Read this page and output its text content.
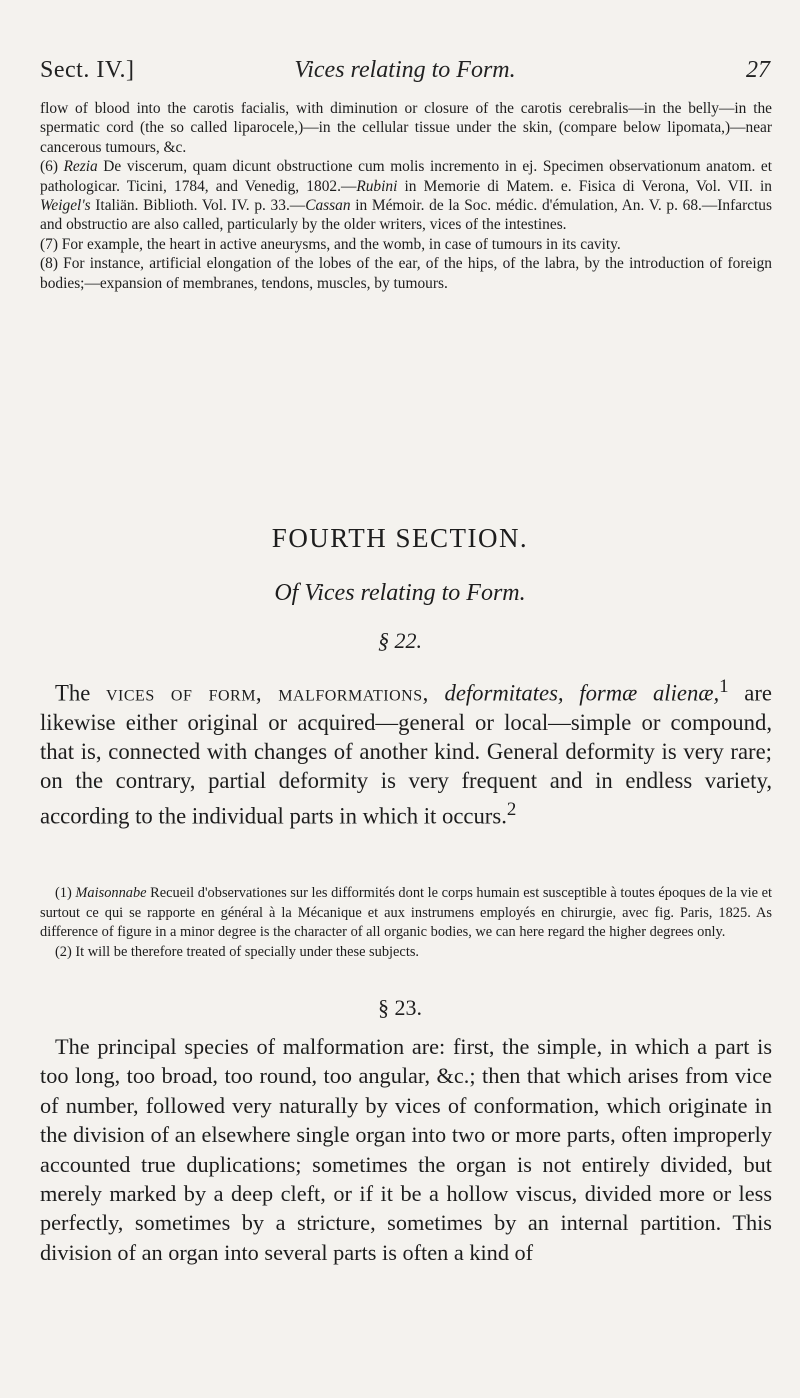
Sect. IV.]	Vices relating to Form.	27

flow of blood into the carotis facialis, with diminution or closure of the carotis cerebralis—in the belly—in the spermatic cord (the so called liparocele,)—in the cellular tissue under the skin, (compare below lipomata,)—near cancerous tumours, &c.

(6) Rezia De viscerum, quam dicunt obstructione cum molis incremento in ej. Specimen observationum anatom. et pathologicar. Ticini, 1784, and Venedig, 1802.—Rubini in Memorie di Matem. e. Fisica di Verona, Vol. VII. in Weigel's Italiän. Biblioth. Vol. IV. p. 33.—Cassan in Mémoir. de la Soc. médic. d'émulation, An. V. p. 68.—Infarctus and obstructio are also called, particularly by the older writers, vices of the intestines.

(7) For example, the heart in active aneurysms, and the womb, in case of tumours in its cavity.

(8) For instance, artificial elongation of the lobes of the ear, of the hips, of the labra, by the introduction of foreign bodies;—expansion of membranes, tendons, muscles, by tumours.

FOURTH SECTION.
Of Vices relating to Form.
§ 22.

The vices of form, malformations, deformitates, formæ alienæ,$^1$ are likewise either original or acquired—general or local—simple or compound, that is, connected with changes of another kind. General deformity is very rare; on the contrary, partial deformity is very frequent and in endless variety, according to the individual parts in which it occurs.$^2$

(1) Maisonnabe Recueil d'observationes sur les difformités dont le corps humain est susceptible à toutes époques de la vie et surtout ce qui se rapporte en général à la Mécanique et aux instrumens employés en chirurgie, avec fig. Paris, 1825. As difference of figure in a minor degree is the character of all organic bodies, we can here regard the higher degrees only.

(2) It will be therefore treated of specially under these subjects.

§ 23.

The principal species of malformation are: first, the simple, in which a part is too long, too broad, too round, too angular, &c.; then that which arises from vice of number, followed very naturally by vices of conformation, which originate in the division of an elsewhere single organ into two or more parts, often improperly accounted true duplications; sometimes the organ is not entirely divided, but merely marked by a deep cleft, or if it be a hollow viscus, divided more or less perfectly, sometimes by a stricture, sometimes by an internal partition. This division of an organ into several parts is often a kind of
